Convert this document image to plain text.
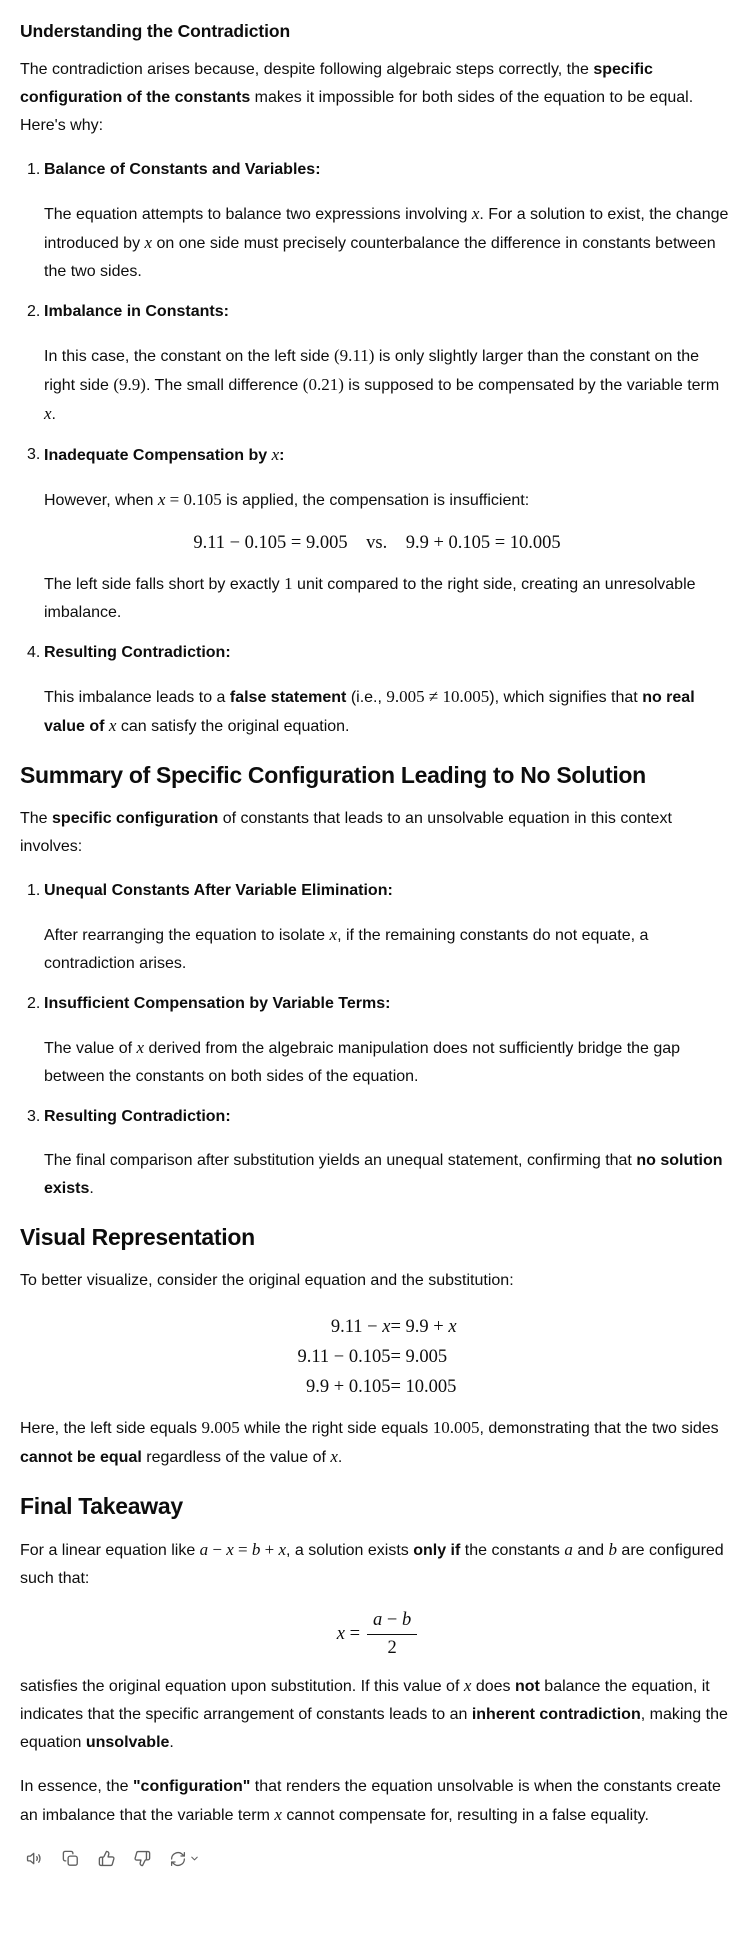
Understanding the Contradiction

The contradiction arises because, despite following algebraic steps correctly, the specific configuration of the constants makes it impossible for both sides of the equation to be equal. Here's why:

1. Balance of Constants and Variables:

The equation attempts to balance two expressions involving x. For a solution to exist, the change introduced by x on one side must precisely counterbalance the difference in constants between the two sides.

2. Imbalance in Constants:

In this case, the constant on the left side (9.11) is only slightly larger than the constant on the right side (9.9). The small difference (0.21) is supposed to be compensated by the variable term x.

3. Inadequate Compensation by x:

However, when x = 0.105 is applied, the compensation is insufficient:

9.11 − 0.105 = 9.005 vs. 9.9 + 0.105 = 10.005

The left side falls short by exactly 1 unit compared to the right side, creating an unresolvable imbalance.

4. Resulting Contradiction:

This imbalance leads to a false statement (i.e., 9.005 ≠ 10.005), which signifies that no real value of x can satisfy the original equation.

Summary of Specific Configuration Leading to No Solution

The specific configuration of constants that leads to an unsolvable equation in this context involves:

1. Unequal Constants After Variable Elimination:

After rearranging the equation to isolate x, if the remaining constants do not equate, a contradiction arises.

2. Insufficient Compensation by Variable Terms:

The value of x derived from the algebraic manipulation does not sufficiently bridge the gap between the constants on both sides of the equation.

3. Resulting Contradiction:

The final comparison after substitution yields an unequal statement, confirming that no solution exists.

Visual Representation

To better visualize, consider the original equation and the substitution:

9.11 − x = 9.9 + x
9.11 − 0.105 = 9.005
9.9 + 0.105 = 10.005

Here, the left side equals 9.005 while the right side equals 10.005, demonstrating that the two sides cannot be equal regardless of the value of x.

Final Takeaway

For a linear equation like a − x = b + x, a solution exists only if the constants a and b are configured such that:

$x = \frac{a - b}{2}$

satisfies the original equation upon substitution. If this value of x does not balance the equation, it indicates that the specific arrangement of constants leads to an inherent contradiction, making the equation unsolvable.

In essence, the "configuration" that renders the equation unsolvable is when the constants create an imbalance that the variable term x cannot compensate for, resulting in a false equality.
